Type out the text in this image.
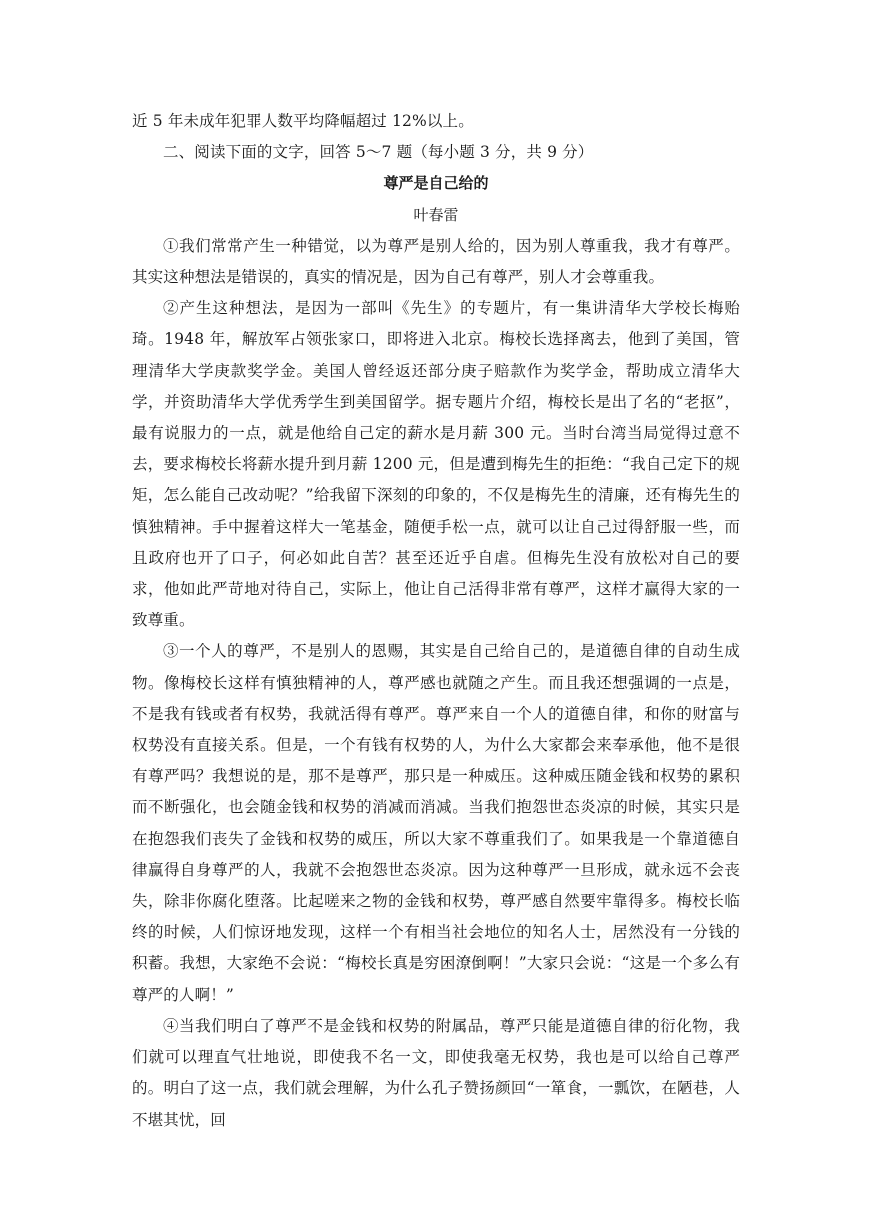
近 5 年未成年犯罪人数平均降幅超过 12%以上。

二、阅读下面的文字，回答 5～7 题（每小题 3 分，共 9 分）

尊严是自己给的

叶春雷

①我们常常产生一种错觉，以为尊严是别人给的，因为别人尊重我，我才有尊严。其实这种想法是错误的，真实的情况是，因为自己有尊严，别人才会尊重我。

②产生这种想法，是因为一部叫《先生》的专题片，有一集讲清华大学校长梅贻琦。1948 年，解放军占领张家口，即将进入北京。梅校长选择离去，他到了美国，管理清华大学庚款奖学金。美国人曾经返还部分庚子赔款作为奖学金，帮助成立清华大学，并资助清华大学优秀学生到美国留学。据专题片介绍，梅校长是出了名的“老抠”，最有说服力的一点，就是他给自己定的薪水是月薪 300 元。当时台湾当局觉得过意不去，要求梅校长将薪水提升到月薪 1200 元，但是遭到梅先生的拒绝：“我自己定下的规矩，怎么能自己改动呢？”给我留下深刻的印象的，不仅是梅先生的清廉，还有梅先生的慎独精神。手中握着这样大一笔基金，随便手松一点，就可以让自己过得舒服一些，而且政府也开了口子，何必如此自苦？甚至还近乎自虐。但梅先生没有放松对自己的要求，他如此严苛地对待自己，实际上，他让自己活得非常有尊严，这样才赢得大家的一致尊重。

③一个人的尊严，不是别人的恩赐，其实是自己给自己的，是道德自律的自动生成物。像梅校长这样有慎独精神的人，尊严感也就随之产生。而且我还想强调的一点是，不是我有钱或者有权势，我就活得有尊严。尊严来自一个人的道德自律，和你的财富与权势没有直接关系。但是，一个有钱有权势的人，为什么大家都会来奉承他，他不是很有尊严吗？我想说的是，那不是尊严，那只是一种威压。这种威压随金钱和权势的累积而不断强化，也会随金钱和权势的消减而消减。当我们抱怨世态炎凉的时候，其实只是在抱怨我们丧失了金钱和权势的威压，所以大家不尊重我们了。如果我是一个靠道德自律赢得自身尊严的人，我就不会抱怨世态炎凉。因为这种尊严一旦形成，就永远不会丧失，除非你腐化堕落。比起嗟来之物的金钱和权势，尊严感自然要牢靠得多。梅校长临终的时候，人们惊讶地发现，这样一个有相当社会地位的知名人士，居然没有一分钱的积蓄。我想，大家绝不会说：“梅校长真是穷困潦倒啊！”大家只会说：“这是一个多么有尊严的人啊！”

④当我们明白了尊严不是金钱和权势的附属品，尊严只能是道德自律的衍化物，我们就可以理直气壮地说，即使我不名一文，即使我毫无权势，我也是可以给自己尊严的。明白了这一点，我们就会理解，为什么孔子赞扬颜回“一箪食，一瓢饮，在陋巷，人不堪其忧，回
